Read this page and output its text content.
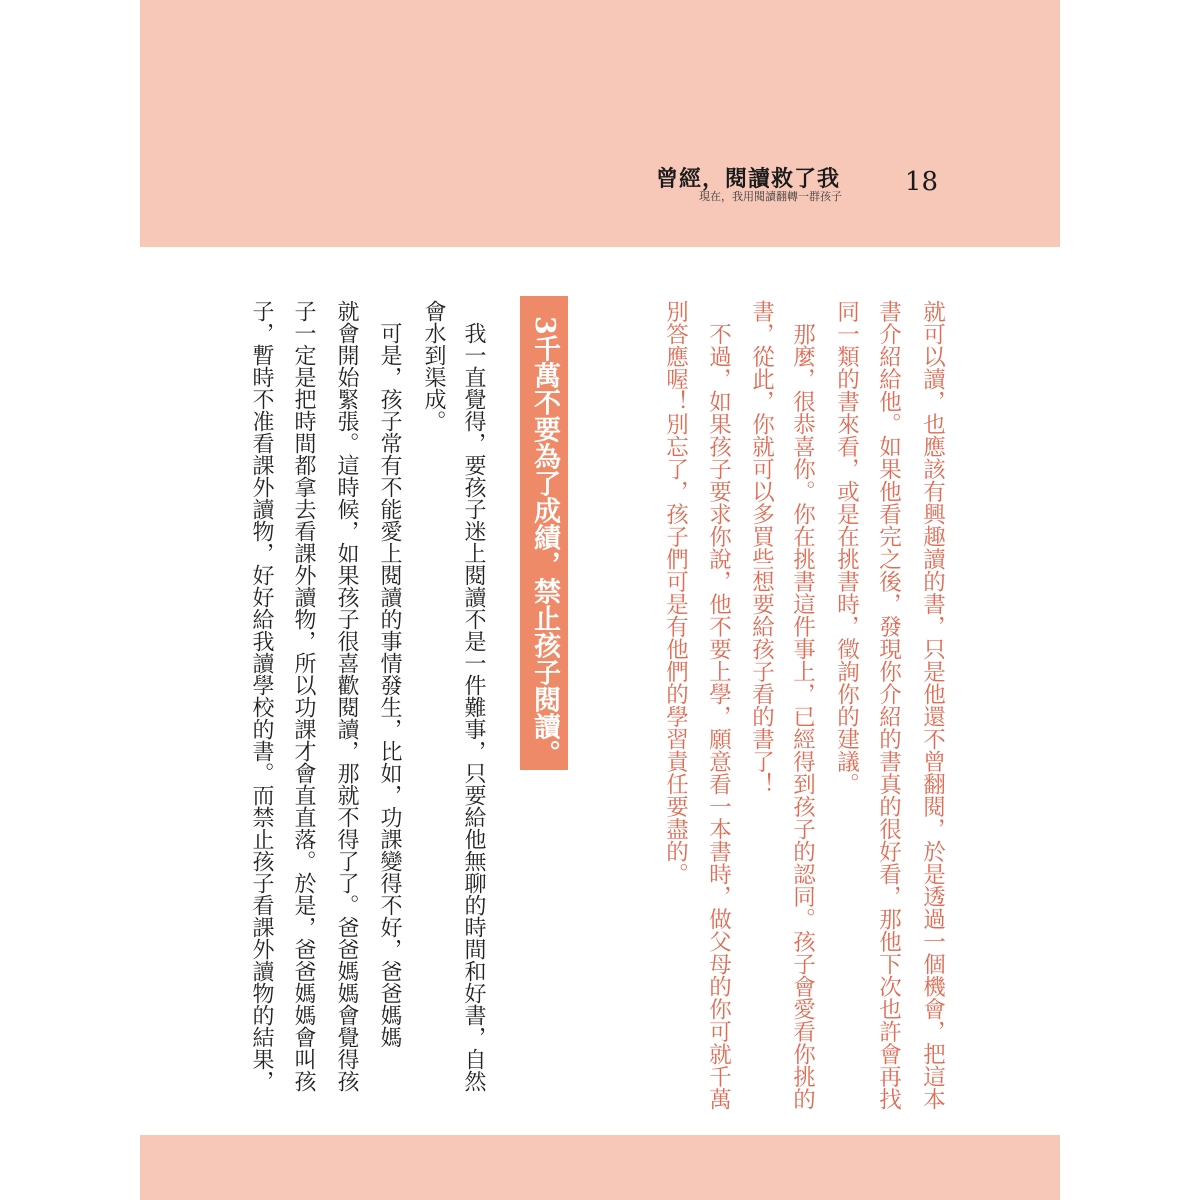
曾經，閱讀救了我
現在，我用閱讀翻轉一群孩子 18
就可以讀，也應該有興趣讀的書，只是他還不曾翻閱，於是透過一個機會，把這本
書介紹給他。如果他看完之後，發現你介紹的書真的很好看，那他下次也許會再找
同一類的書來看，或是在挑書時，徵詢你的建議。
　那麼，很恭喜你。你在挑書這件事上，已經得到孩子的認同。孩子會愛看你挑的
書，從此，你就可以多買些想要給孩子看的書了！
　不過，如果孩子要求你說，他不要上學，願意看一本書時，做父母的你可就千萬
別答應喔！別忘了，孩子們可是有他們的學習責任要盡的。
3千萬不要為了成績，禁止孩子閱讀。
　我一直覺得，要孩子迷上閱讀不是一件難事，只要給他無聊的時間和好書，自然
會水到渠成。
　可是，孩子常有不能愛上閱讀的事情發生，比如，功課變得不好，爸爸媽媽
就會開始緊張。這時候，如果孩子很喜歡閱讀，那就不得了了。爸爸媽媽會覺得孩
子一定是把時間都拿去看課外讀物，所以功課才會直直落。於是，爸爸媽媽會叫孩
子，暫時不准看課外讀物，好好給我讀學校的書。而禁止孩子看課外讀物的結果，
